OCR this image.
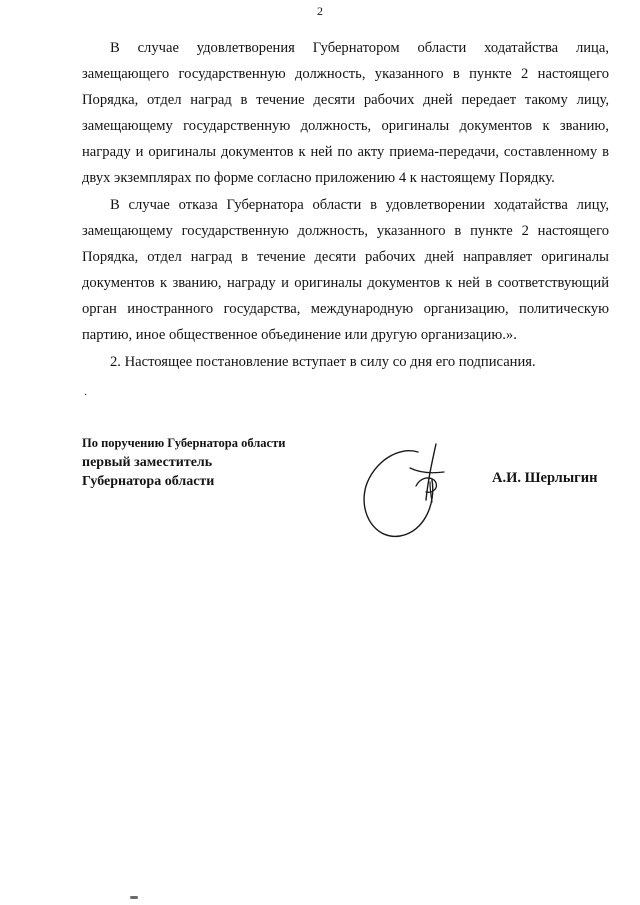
2

В случае удовлетворения Губернатором области ходатайства лица, замещающего государственную должность, указанного в пункте 2 настоящего Порядка, отдел наград в течение десяти рабочих дней передает такому лицу, замещающему государственную должность, оригиналы документов к званию, награду и оригиналы документов к ней по акту приема-передачи, составленному в двух экземплярах по форме согласно приложению 4 к настоящему Порядку.

В случае отказа Губернатора области в удовлетворении ходатайства лицу, замещающему государственную должность, указанного в пункте 2 настоящего Порядка, отдел наград в течение десяти рабочих дней направляет оригиналы документов к званию, награду и оригиналы документов к ней в соответствующий орган иностранного государства, международную организацию, политическую партию, иное общественное объединение или другую организацию.».

2. Настоящее постановление вступает в силу со дня его подписания.

·
По поручению Губернатора области
первый заместитель
Губернатора области	А.И. Шерлыгин
